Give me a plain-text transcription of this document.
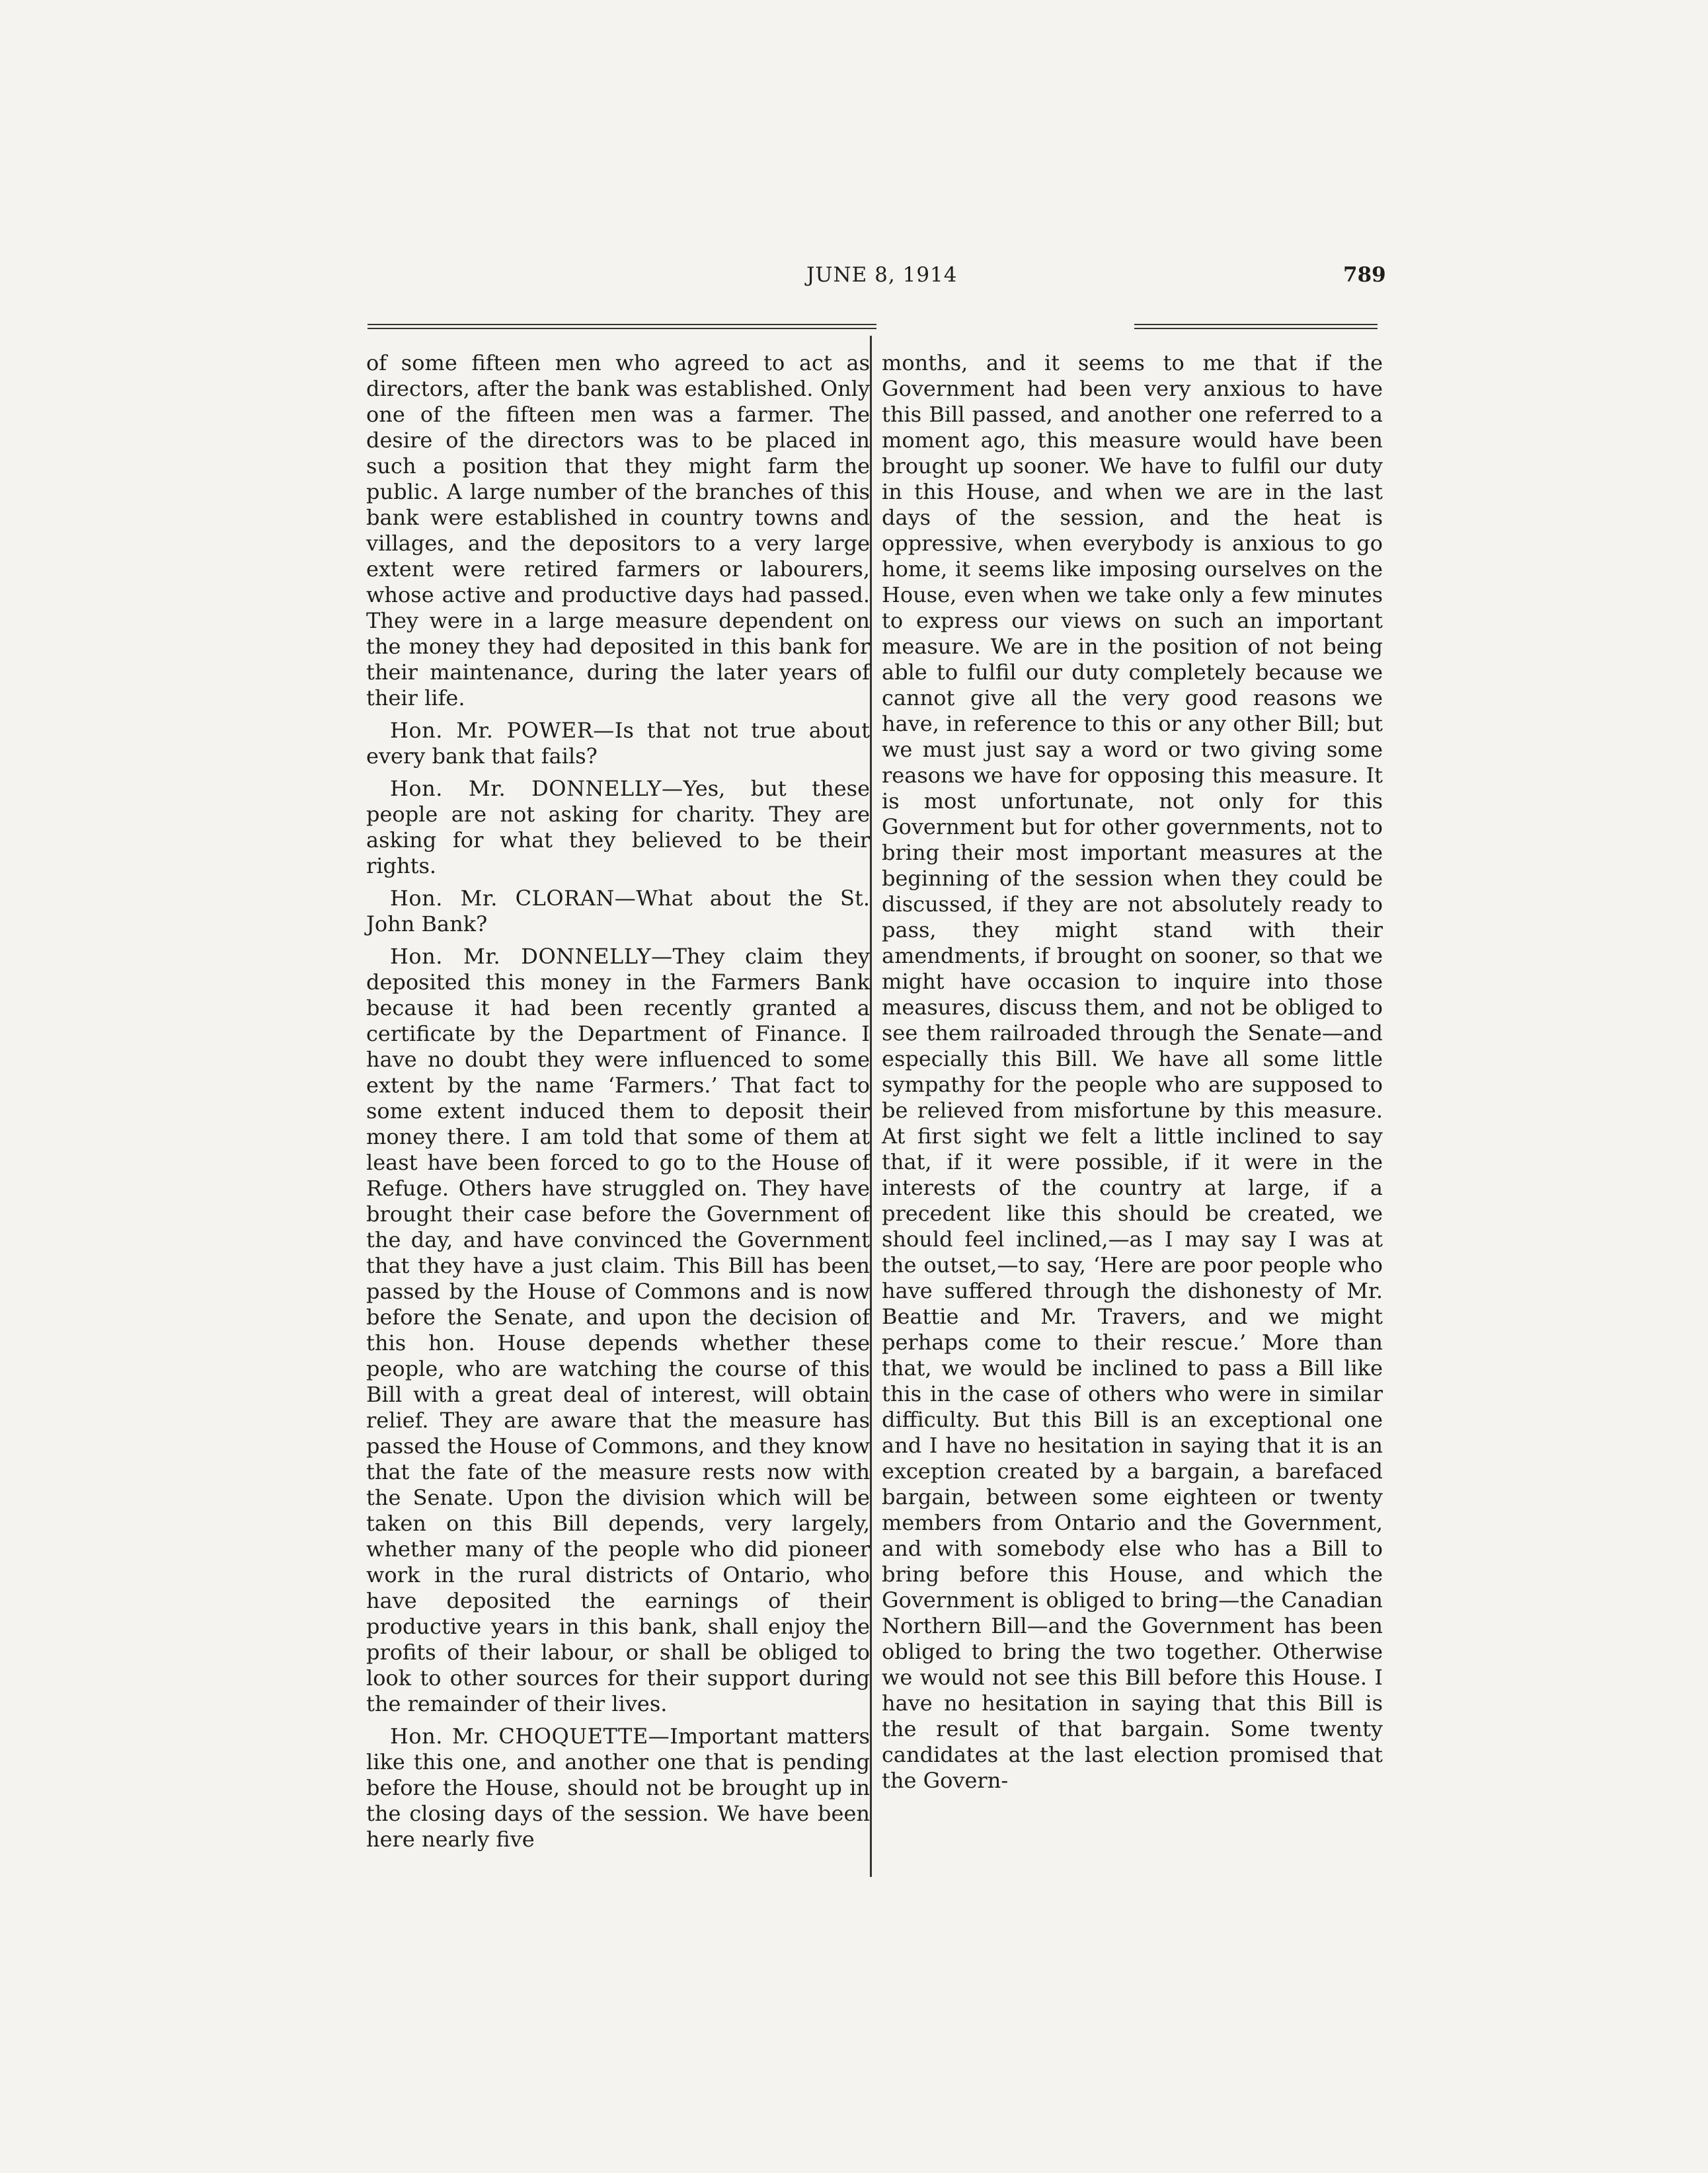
JUNE 8, 1914	789

of some fifteen men who agreed to act as directors, after the bank was established. Only one of the fifteen men was a farmer. The desire of the directors was to be placed in such a position that they might farm the public. A large number of the branches of this bank were established in country towns and villages, and the depositors to a very large extent were retired farmers or labourers, whose active and productive days had passed. They were in a large measure dependent on the money they had deposited in this bank for their maintenance, during the later years of their life.

Hon. Mr. POWER—Is that not true about every bank that fails?

Hon. Mr. DONNELLY—Yes, but these people are not asking for charity. They are asking for what they believed to be their rights.

Hon. Mr. CLORAN—What about the St. John Bank?

Hon. Mr. DONNELLY—They claim they deposited this money in the Farmers Bank because it had been recently granted a certificate by the Department of Finance. I have no doubt they were influenced to some extent by the name ‘Farmers.’ That fact to some extent induced them to deposit their money there. I am told that some of them at least have been forced to go to the House of Refuge. Others have struggled on. They have brought their case before the Government of the day, and have convinced the Government that they have a just claim. This Bill has been passed by the House of Commons and is now before the Senate, and upon the decision of this hon. House depends whether these people, who are watching the course of this Bill with a great deal of interest, will obtain relief. They are aware that the measure has passed the House of Commons, and they know that the fate of the measure rests now with the Senate. Upon the division which will be taken on this Bill depends, very largely, whether many of the people who did pioneer work in the rural districts of Ontario, who have deposited the earnings of their productive years in this bank, shall enjoy the profits of their labour, or shall be obliged to look to other sources for their support during the remainder of their lives.

Hon. Mr. CHOQUETTE—Important matters like this one, and another one that is pending before the House, should not be brought up in the closing days of the session. We have been here nearly five

months, and it seems to me that if the Government had been very anxious to have this Bill passed, and another one referred to a moment ago, this measure would have been brought up sooner. We have to fulfil our duty in this House, and when we are in the last days of the session, and the heat is oppressive, when everybody is anxious to go home, it seems like imposing ourselves on the House, even when we take only a few minutes to express our views on such an important measure. We are in the position of not being able to fulfil our duty completely because we cannot give all the very good reasons we have, in reference to this or any other Bill; but we must just say a word or two giving some reasons we have for opposing this measure. It is most unfortunate, not only for this Government but for other governments, not to bring their most important measures at the beginning of the session when they could be discussed, if they are not absolutely ready to pass, they might stand with their amendments, if brought on sooner, so that we might have occasion to inquire into those measures, discuss them, and not be obliged to see them railroaded through the Senate—and especially this Bill. We have all some little sympathy for the people who are supposed to be relieved from misfortune by this measure. At first sight we felt a little inclined to say that, if it were possible, if it were in the interests of the country at large, if a precedent like this should be created, we should feel inclined,—as I may say I was at the outset,—to say, ‘Here are poor people who have suffered through the dishonesty of Mr. Beattie and Mr. Travers, and we might perhaps come to their rescue.’ More than that, we would be inclined to pass a Bill like this in the case of others who were in similar difficulty. But this Bill is an exceptional one and I have no hesitation in saying that it is an exception created by a bargain, a barefaced bargain, between some eighteen or twenty members from Ontario and the Government, and with somebody else who has a Bill to bring before this House, and which the Government is obliged to bring—the Canadian Northern Bill—and the Government has been obliged to bring the two together. Otherwise we would not see this Bill before this House. I have no hesitation in saying that this Bill is the result of that bargain. Some twenty candidates at the last election promised that the Govern-
